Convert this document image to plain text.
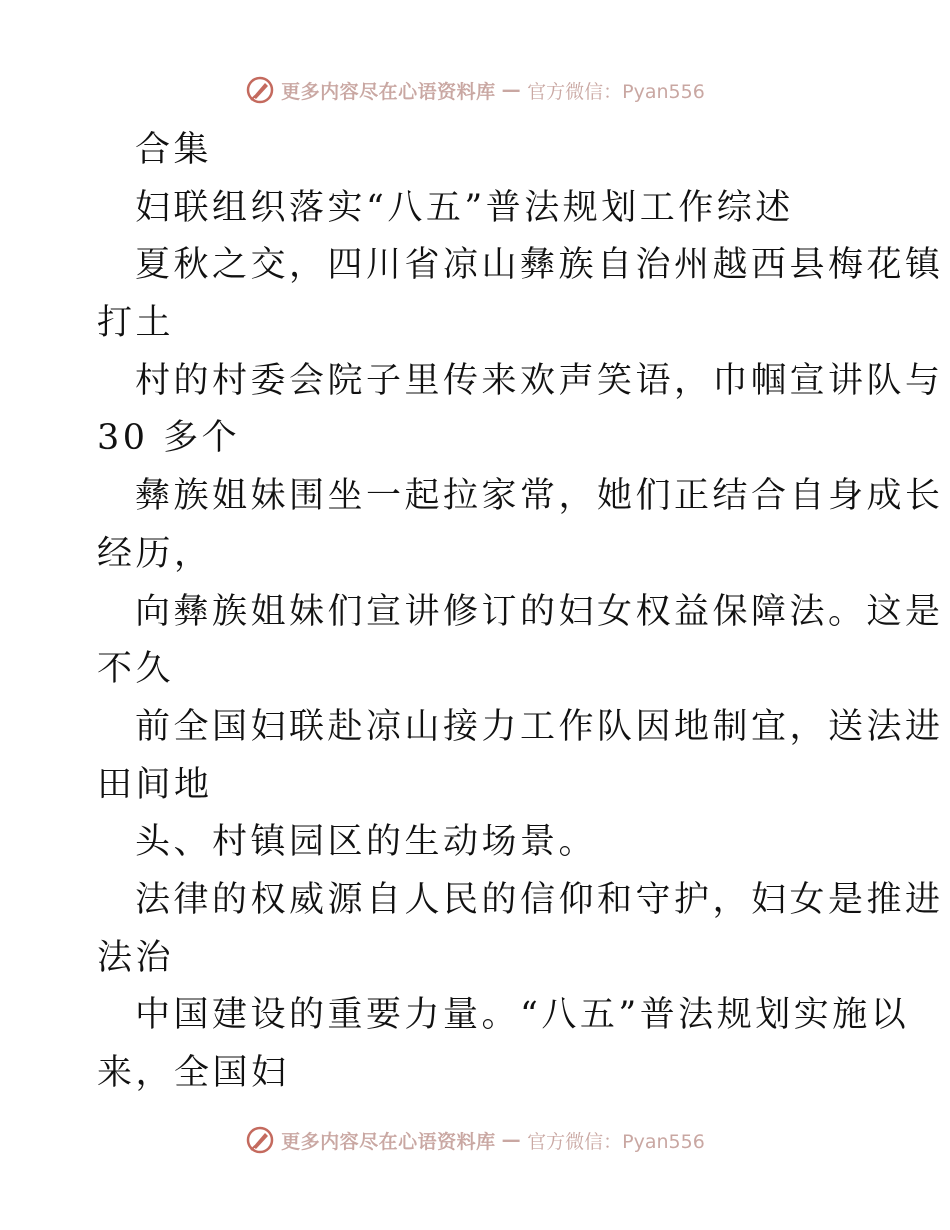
更多内容尽在心语资料库 — 官方微信：Pyan556
合集
妇联组织落实“八五”普法规划工作综述
夏秋之交，四川省凉山彝族自治州越西县梅花镇
打土
村的村委会院子里传来欢声笑语，巾帼宣讲队与
30 多个
彝族姐妹围坐一起拉家常，她们正结合自身成长
经历，
向彝族姐妹们宣讲修订的妇女权益保障法。这是
不久
前全国妇联赴凉山接力工作队因地制宜，送法进
田间地
头、村镇园区的生动场景。
法律的权威源自人民的信仰和守护，妇女是推进
法治
中国建设的重要力量。“八五”普法规划实施以
来，全国妇
更多内容尽在心语资料库 — 官方微信：Pyan556
